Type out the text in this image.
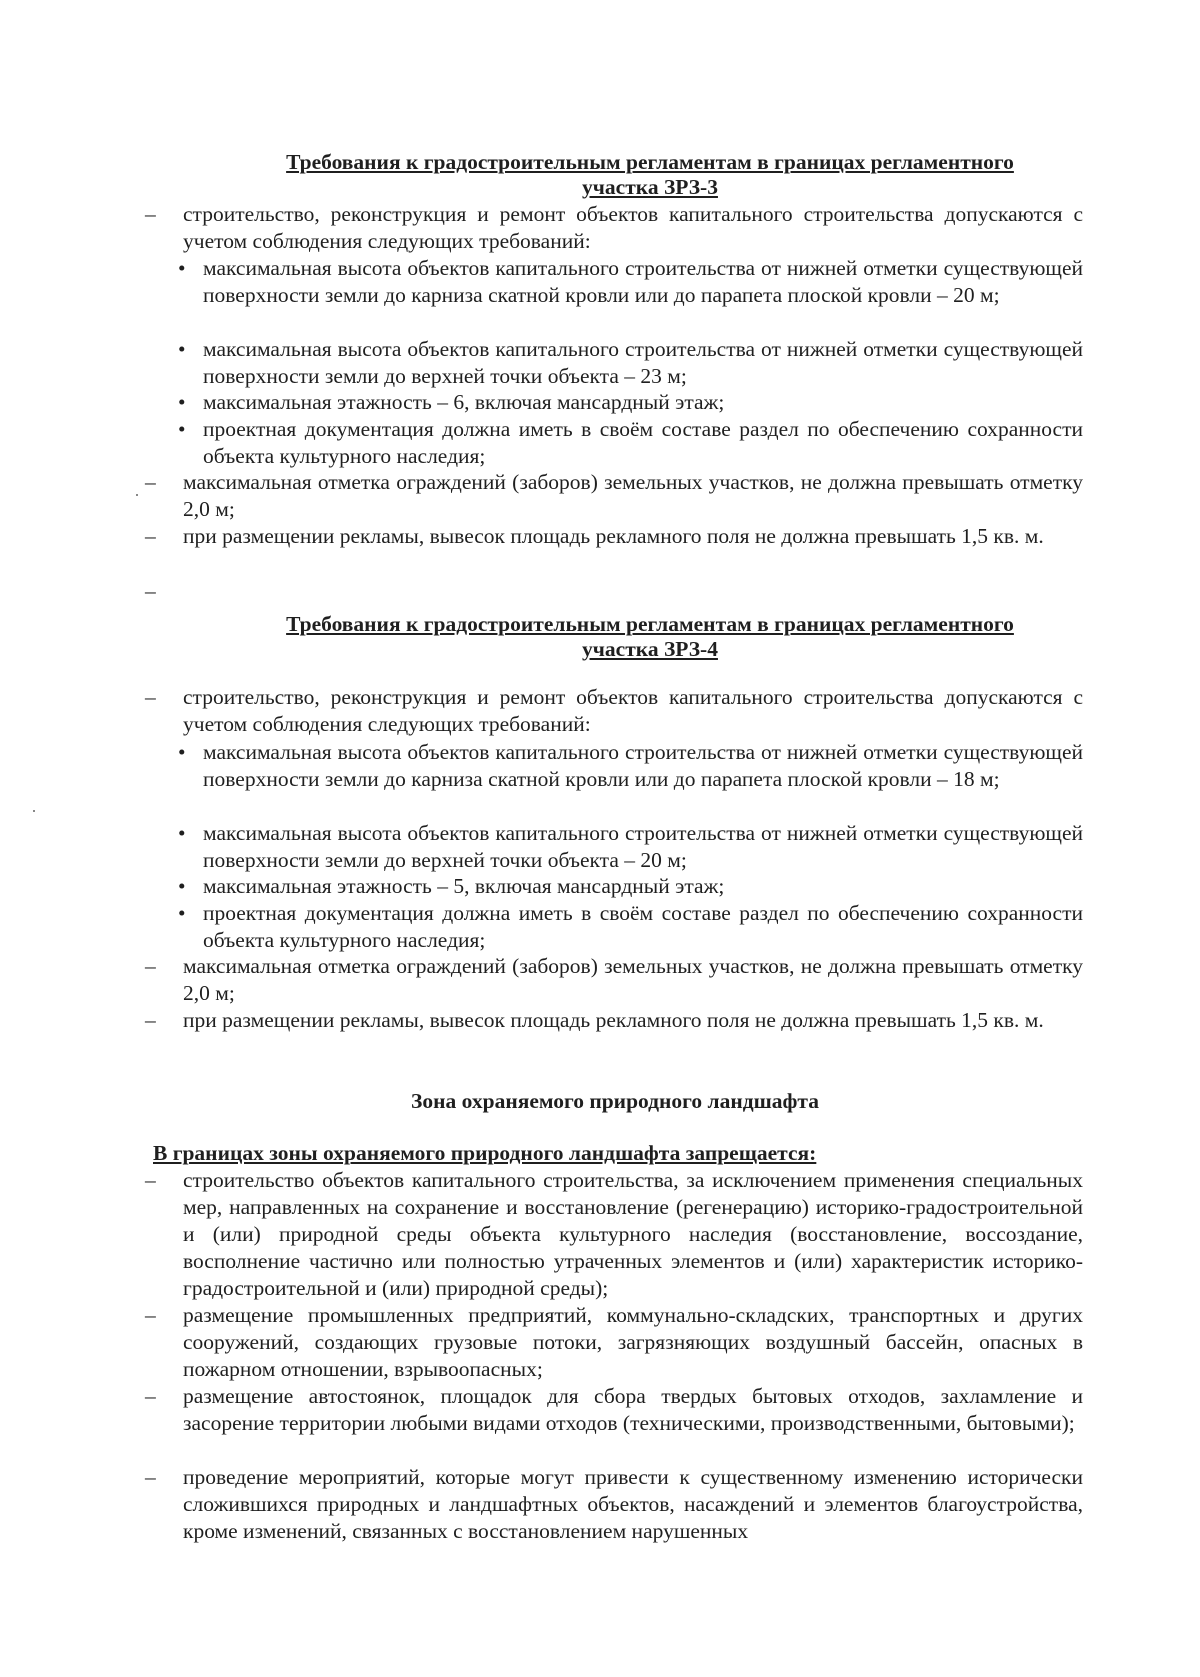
Требования к градостроительным регламентам в границах регламентного
участка ЗРЗ-3
–	строительство, реконструкция и ремонт объектов капитального строительства допускаются с учетом соблюдения следующих требований:
• максимальная высота объектов капитального строительства от нижней отметки существующей поверхности земли до карниза скатной кровли или до парапета плоской кровли – 20 м;
• максимальная высота объектов капитального строительства от нижней отметки существующей поверхности земли до верхней точки объекта – 23 м;
• максимальная этажность – 6, включая мансардный этаж;
• проектная документация должна иметь в своём составе раздел по обеспечению сохранности объекта культурного наследия;
–	максимальная отметка ограждений (заборов) земельных участков, не должна превышать отметку 2,0 м;
–	при размещении рекламы, вывесок площадь рекламного поля не должна превышать 1,5 кв. м.
–
Требования к градостроительным регламентам в границах регламентного
участка ЗРЗ-4
–	строительство, реконструкция и ремонт объектов капитального строительства допускаются с учетом соблюдения следующих требований:
• максимальная высота объектов капитального строительства от нижней отметки существующей поверхности земли до карниза скатной кровли или до парапета плоской кровли – 18 м;
• максимальная высота объектов капитального строительства от нижней отметки существующей поверхности земли до верхней точки объекта – 20 м;
• максимальная этажность – 5, включая мансардный этаж;
• проектная документация должна иметь в своём составе раздел по обеспечению сохранности объекта культурного наследия;
–	максимальная отметка ограждений (заборов) земельных участков, не должна превышать отметку 2,0 м;
–	при размещении рекламы, вывесок площадь рекламного поля не должна превышать 1,5 кв. м.
Зона охраняемого природного ландшафта
В границах зоны охраняемого природного ландшафта запрещается:
–	строительство объектов капитального строительства, за исключением применения специальных мер, направленных на сохранение и восстановление (регенерацию) историко-градостроительной и (или) природной среды объекта культурного наследия (восстановление, воссоздание, восполнение частично или полностью утраченных элементов и (или) характеристик историко-градостроительной и (или) природной среды);
–	размещение промышленных предприятий, коммунально-складских, транспортных и других сооружений, создающих грузовые потоки, загрязняющих воздушный бассейн, опасных в пожарном отношении, взрывоопасных;
–	размещение автостоянок, площадок для сбора твердых бытовых отходов, захламление и засорение территории любыми видами отходов (техническими, производственными, бытовыми);
–	проведение мероприятий, которые могут привести к существенному изменению исторически сложившихся природных и ландшафтных объектов, насаждений и элементов благоустройства, кроме изменений, связанных с восстановлением нарушенных
